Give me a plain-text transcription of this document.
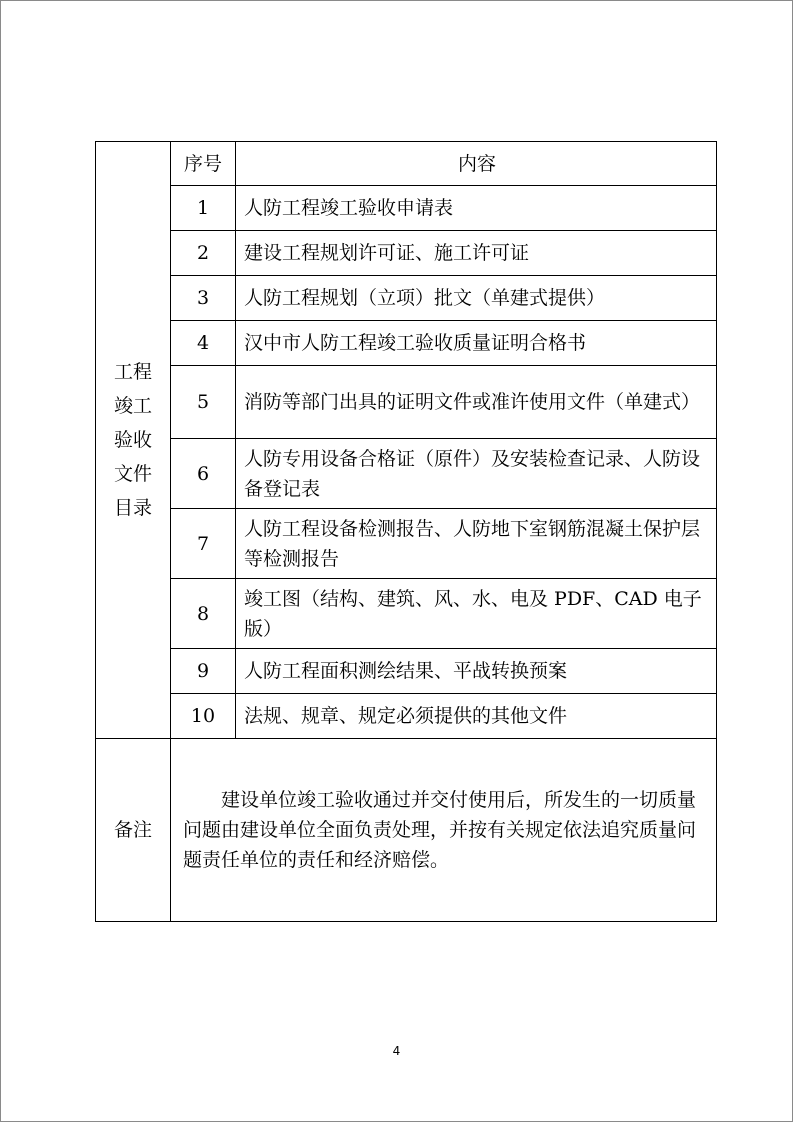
工程竣工验收文件目录	序号	内容
	1	人防工程竣工验收申请表
	2	建设工程规划许可证、施工许可证
	3	人防工程规划（立项）批文（单建式提供）
	4	汉中市人防工程竣工验收质量证明合格书
	5	消防等部门出具的证明文件或准许使用文件（单建式）
	6	人防专用设备合格证（原件）及安装检查记录、人防设备登记表
	7	人防工程设备检测报告、人防地下室钢筋混凝土保护层等检测报告
	8	竣工图（结构、建筑、风、水、电及 PDF、CAD 电子版）
	9	人防工程面积测绘结果、平战转换预案
	10	法规、规章、规定必须提供的其他文件
备注	建设单位竣工验收通过并交付使用后，所发生的一切质量问题由建设单位全面负责处理，并按有关规定依法追究质量问题责任单位的责任和经济赔偿。	
4
